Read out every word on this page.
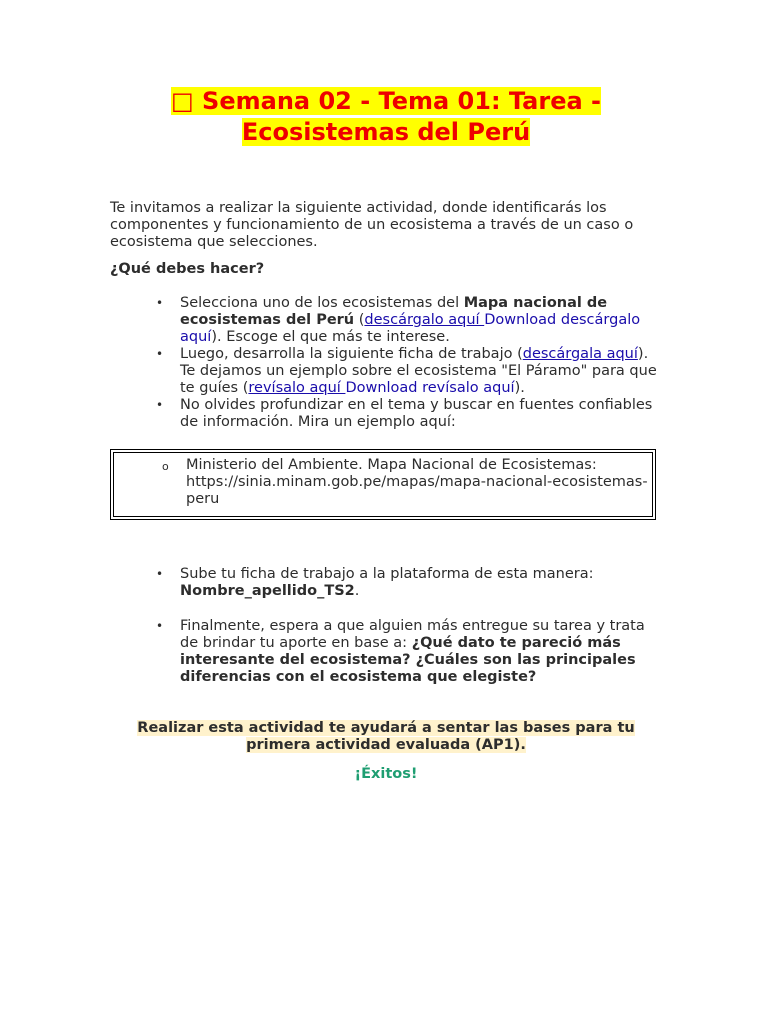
□ Semana 02 - Tema 01: Tarea -
Ecosistemas del Perú

Te invitamos a realizar la siguiente actividad, donde identificarás los componentes y funcionamiento de un ecosistema a través de un caso o ecosistema que selecciones.

¿Qué debes hacer?

• Selecciona uno de los ecosistemas del Mapa nacional de ecosistemas del Perú (descárgalo aquí Download descárgalo aquí). Escoge el que más te interese.
• Luego, desarrolla la siguiente ficha de trabajo (descárgala aquí). Te dejamos un ejemplo sobre el ecosistema "El Páramo" para que te guíes (revísalo aquí Download revísalo aquí).
• No olvides profundizar en el tema y buscar en fuentes confiables de información. Mira un ejemplo aquí:
o Ministerio del Ambiente. Mapa Nacional de Ecosistemas: https://sinia.minam.gob.pe/mapas/mapa-nacional-ecosistemas-peru
• Sube tu ficha de trabajo a la plataforma de esta manera: Nombre_apellido_TS2.
• Finalmente, espera a que alguien más entregue su tarea y trata de brindar tu aporte en base a: ¿Qué dato te pareció más interesante del ecosistema? ¿Cuáles son las principales diferencias con el ecosistema que elegiste?

Realizar esta actividad te ayudará a sentar las bases para tu primera actividad evaluada (AP1).

¡Éxitos!
